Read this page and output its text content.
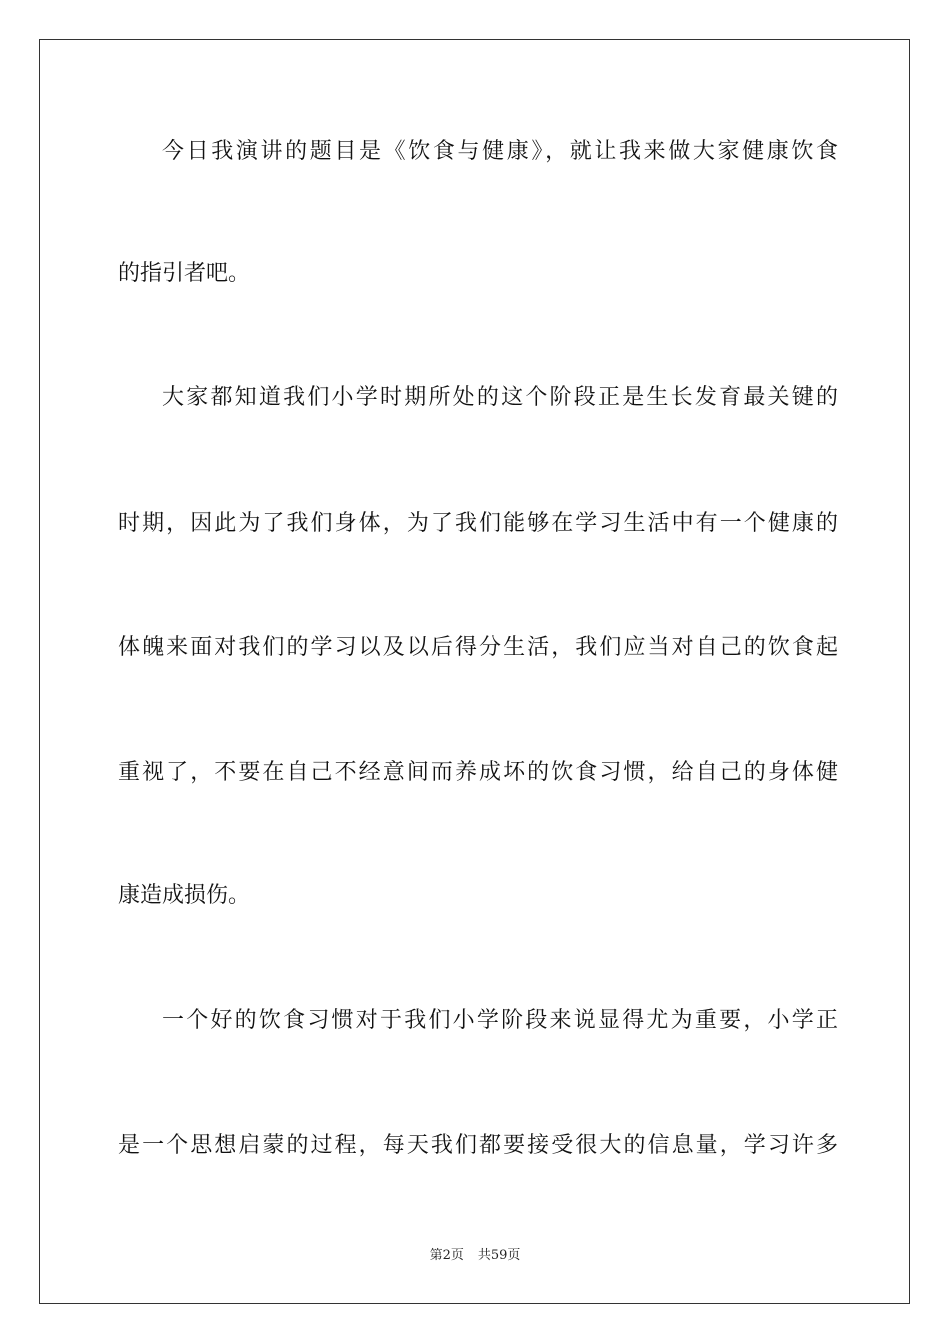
今日我演讲的题目是《饮食与健康》，就让我来做大家健康饮食
的指引者吧。
大家都知道我们小学时期所处的这个阶段正是生长发育最关键的
时期，因此为了我们身体，为了我们能够在学习生活中有一个健康的
体魄来面对我们的学习以及以后得分生活，我们应当对自己的饮食起
重视了，不要在自己不经意间而养成坏的饮食习惯，给自己的身体健
康造成损伤。
一个好的饮食习惯对于我们小学阶段来说显得尤为重要，小学正
是一个思想启蒙的过程，每天我们都要接受很大的信息量，学习许多
第2页 共59页
